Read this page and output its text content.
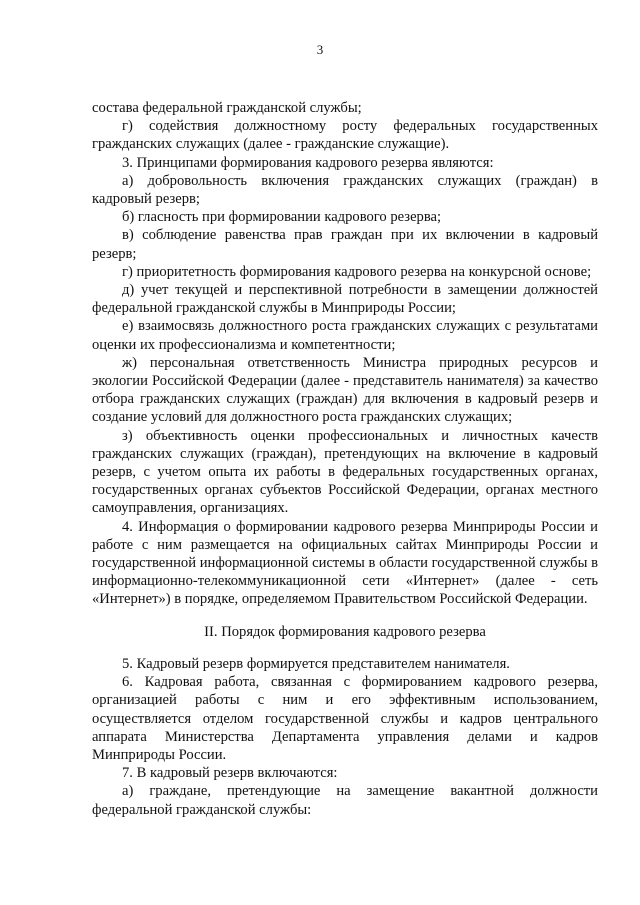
3

состава федеральной гражданской службы;

г) содействия должностному росту федеральных государственных гражданских служащих (далее - гражданские служащие).

3. Принципами формирования кадрового резерва являются:

а) добровольность включения гражданских служащих (граждан) в кадровый резерв;

б) гласность при формировании кадрового резерва;

в) соблюдение равенства прав граждан при их включении в кадровый резерв;

г) приоритетность формирования кадрового резерва на конкурсной основе;

д) учет текущей и перспективной потребности в замещении должностей федеральной гражданской службы в Минприроды России;

е) взаимосвязь должностного роста гражданских служащих с результатами оценки их профессионализма и компетентности;

ж) персональная ответственность Министра природных ресурсов и экологии Российской Федерации (далее - представитель нанимателя) за качество отбора гражданских служащих (граждан) для включения в кадровый резерв и создание условий для должностного роста гражданских служащих;

з) объективность оценки профессиональных и личностных качеств гражданских служащих (граждан), претендующих на включение в кадровый резерв, с учетом опыта их работы в федеральных государственных органах, государственных органах субъектов Российской Федерации, органах местного самоуправления, организациях.

4. Информация о формировании кадрового резерва Минприроды России и работе с ним размещается на официальных сайтах Минприроды России и государственной информационной системы в области государственной службы в информационно-телекоммуникационной сети «Интернет» (далее - сеть «Интернет») в порядке, определяемом Правительством Российской Федерации.

II. Порядок формирования кадрового резерва

5. Кадровый резерв формируется представителем нанимателя.

6. Кадровая работа, связанная с формированием кадрового резерва, организацией работы с ним и его эффективным использованием, осуществляется отделом государственной службы и кадров центрального аппарата Министерства Департамента управления делами и кадров Минприроды России.

7. В кадровый резерв включаются:

а) граждане, претендующие на замещение вакантной должности федеральной гражданской службы:
